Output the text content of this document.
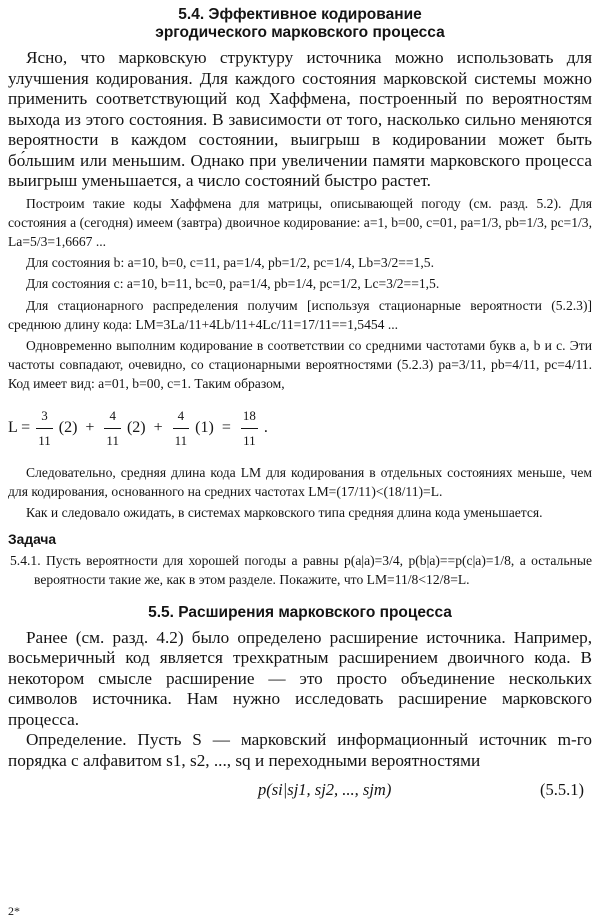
5.4. Эффективное кодирование
эргодического марковского процесса

Ясно, что марковскую структуру источника можно использовать для улучшения кодирования. Для каждого состояния марковской системы можно применить соответствующий код Хаффмена, построенный по вероятностям выхода из этого состояния. В зависимости от того, насколько сильно меняются вероятности в каждом состоянии, выигрыш в кодировании может быть бо́льшим или меньшим. Однако при увеличении памяти марковского процесса выигрыш уменьшается, а число состояний быстро растет.

Построим такие коды Хаффмена для матрицы, описывающей погоду (см. разд. 5.2). Для состояния a (сегодня) имеем (завтра) двоичное кодирование: a=1, b=00, c=01, pa=1/3, pb=1/3, pc=1/3, La=5/3=1,6667 ...

Для состояния b: a=10, b=0, c=11, pa=1/4, pb=1/2, pc=1/4, Lb=3/2==1,5.

Для состояния c: a=10, b=11, bc=0, pa=1/4, pb=1/4, pc=1/2, Lc=3/2==1,5.

Для стационарного распределения получим [используя стационарные вероятности (5.2.3)] среднюю длину кода: LM=3La/11+4Lb/11+4Lc/11=17/11==1,5454 ...

Одновременно выполним кодирование в соответствии со средними частотами букв a, b и c. Эти частоты совпадают, очевидно, со стационарными вероятностями (5.2.3) pa=3/11, pb=4/11, pc=4/11. Код имеет вид: a=01, b=00, c=1. Таким образом,

$L = \frac{3}{11} (2) + \frac{4}{11} (2) + \frac{4}{11} (1) = \frac{18}{11}$ .

Следовательно, средняя длина кода LM для кодирования в отдельных состояниях меньше, чем для кодирования, основанного на средних частотах LM=(17/11)<(18/11)=L.

Как и следовало ожидать, в системах марковского типа средняя длина кода уменьшается.

Задача

5.4.1. Пусть вероятности для хорошей погоды a равны p(a|a)=3/4, p(b|a)==p(c|a)=1/8, а остальные вероятности такие же, как в этом разделе. Покажите, что LM=11/8<12/8=L.

5.5. Расширения марковского процесса

Ранее (см. разд. 4.2) было определено расширение источника. Например, восьмеричный код является трехкратным расширением двоичного кода. В некотором смысле расширение — это просто объединение нескольких символов источника. Нам нужно исследовать расширение марковского процесса.

Определение. Пусть S — марковский информационный источник m-го порядка с алфавитом s1, s2, ..., sq и переходными вероятностями

p(si|sj1, sj2, ..., sjm)	(5.5.1)
2*
